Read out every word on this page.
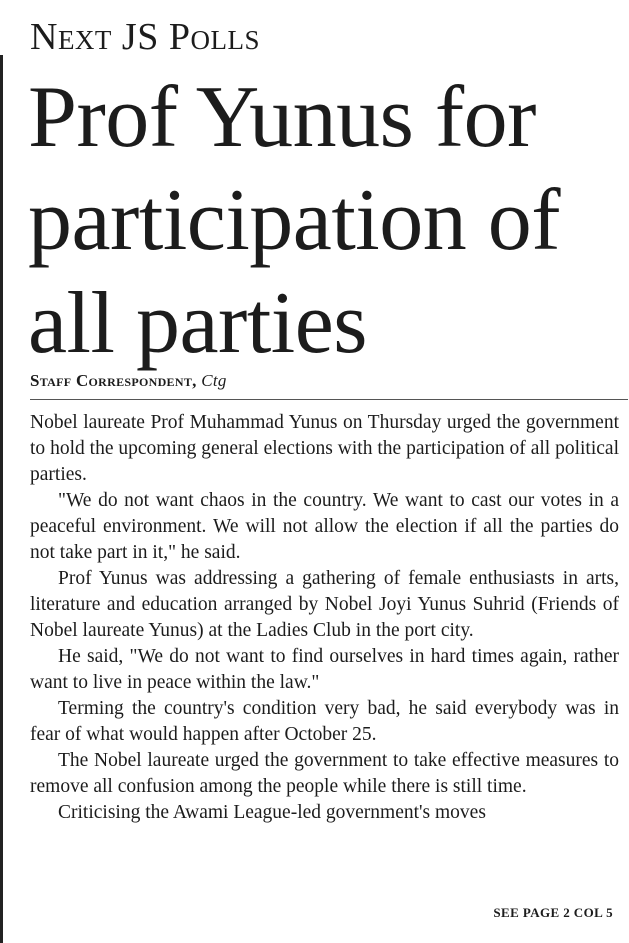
Next JS Polls
Prof Yunus for participation of all parties
Staff Correspondent, Ctg

Nobel laureate Prof Muhammad Yunus on Thursday urged the government to hold the upcoming general elections with the participation of all political parties.

"We do not want chaos in the country. We want to cast our votes in a peaceful environment. We will not allow the election if all the parties do not take part in it," he said.

Prof Yunus was addressing a gathering of female enthusiasts in arts, literature and education arranged by Nobel Joyi Yunus Suhrid (Friends of Nobel laureate Yunus) at the Ladies Club in the port city.

He said, "We do not want to find ourselves in hard times again, rather want to live in peace within the law."

Terming the country's condition very bad, he said everybody was in fear of what would happen after October 25.

The Nobel laureate urged the government to take effective measures to remove all confusion among the people while there is still time.

Criticising the Awami League-led government's moves

SEE PAGE 2 COL 5
